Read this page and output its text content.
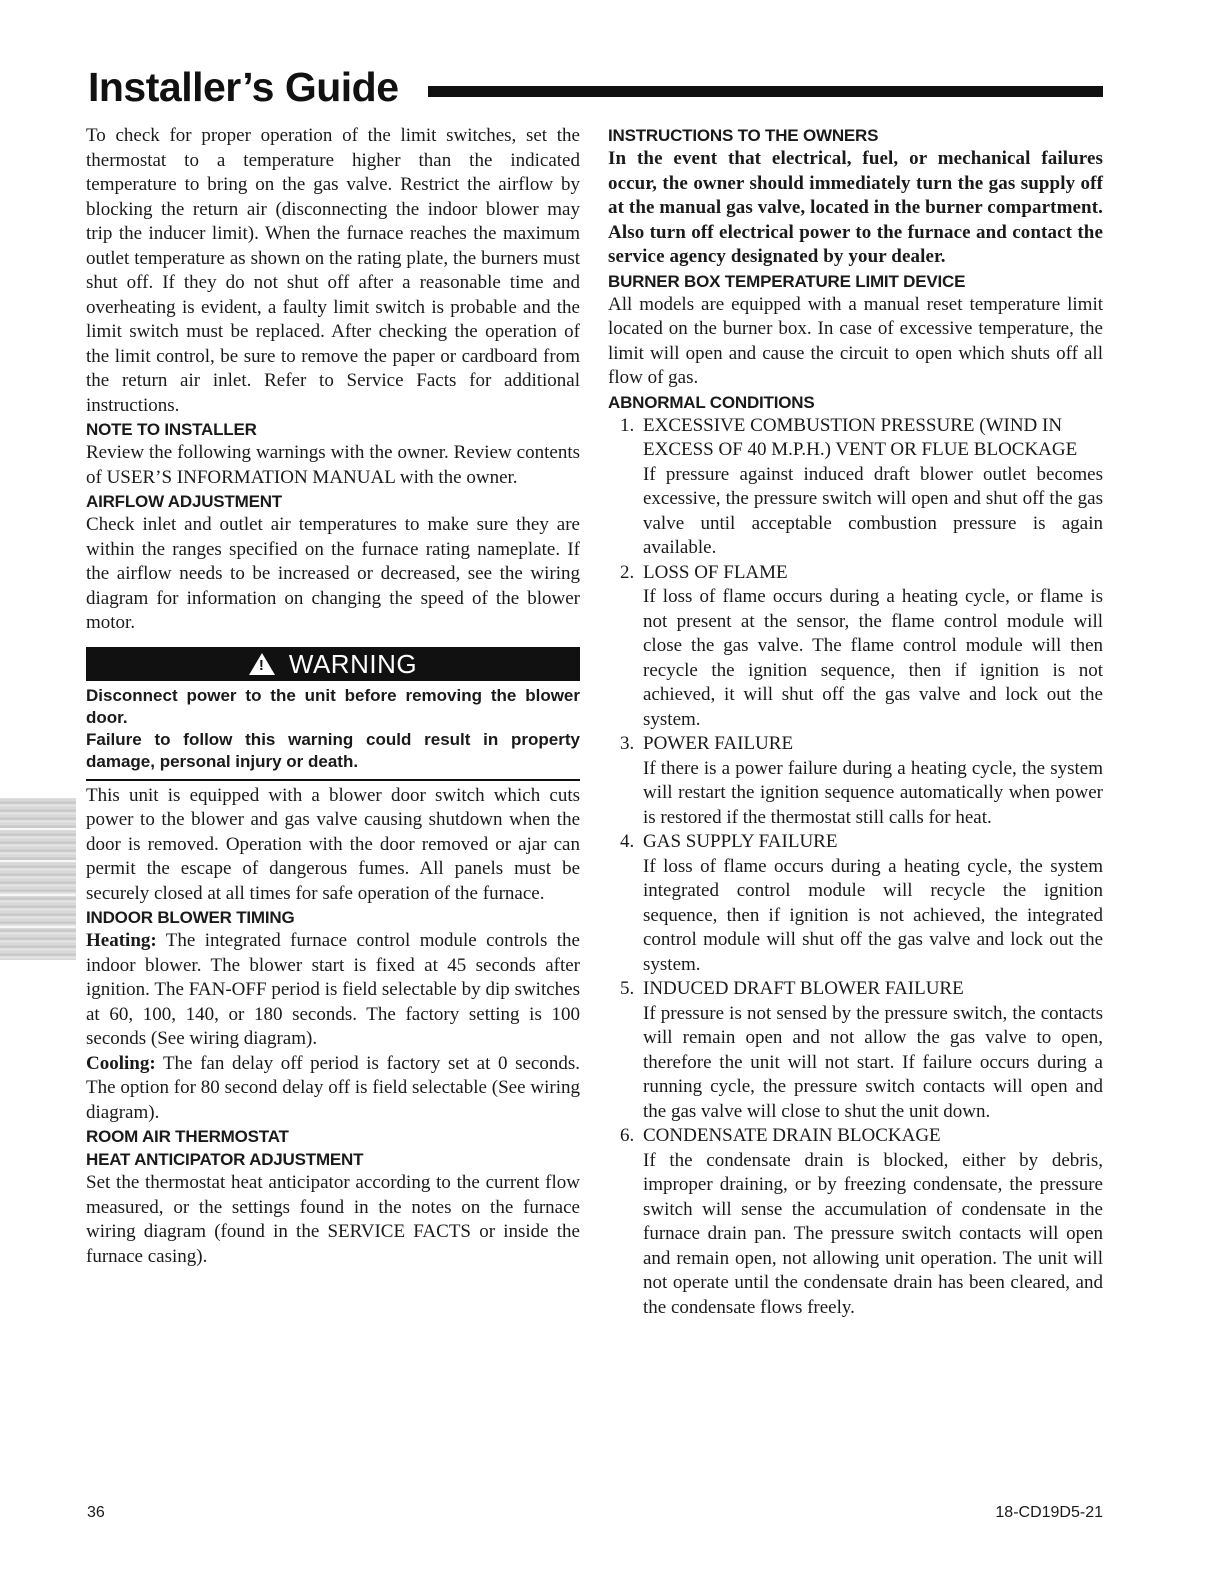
Installer’s Guide

To check for proper operation of the limit switches, set the thermostat to a temperature higher than the indicated temperature to bring on the gas valve. Restrict the airflow by blocking the return air (disconnecting the indoor blower may trip the inducer limit). When the furnace reaches the maximum outlet temperature as shown on the rating plate, the burners must shut off. If they do not shut off after a reasonable time and overheating is evident, a faulty limit switch is probable and the limit switch must be replaced. After checking the operation of the limit control, be sure to remove the paper or cardboard from the return air inlet. Refer to Service Facts for additional instructions.

NOTE TO INSTALLER

Review the following warnings with the owner. Review contents of USER’S INFORMATION MANUAL with the owner.

AIRFLOW ADJUSTMENT

Check inlet and outlet air temperatures to make sure they are within the ranges specified on the furnace rating nameplate. If the airflow needs to be increased or decreased, see the wiring diagram for information on changing the speed of the blower motor.

!WARNING
Disconnect power to the unit before removing the blower door.
Failure to follow this warning could result in property damage, personal injury or death.

This unit is equipped with a blower door switch which cuts power to the blower and gas valve causing shutdown when the door is removed. Operation with the door removed or ajar can permit the escape of dangerous fumes. All panels must be securely closed at all times for safe operation of the furnace.

INDOOR BLOWER TIMING

Heating: The integrated furnace control module controls the indoor blower. The blower start is fixed at 45 seconds after ignition. The FAN-OFF period is field selectable by dip switches at 60, 100, 140, or 180 seconds. The factory setting is 100 seconds (See wiring diagram).

Cooling: The fan delay off period is factory set at 0 seconds. The option for 80 second delay off is field selectable (See wiring diagram).

ROOM AIR THERMOSTAT
HEAT ANTICIPATOR ADJUSTMENT

Set the thermostat heat anticipator according to the current flow measured, or the settings found in the notes on the furnace wiring diagram (found in the SERVICE FACTS or inside the furnace casing).

INSTRUCTIONS TO THE OWNERS

In the event that electrical, fuel, or mechanical failures occur, the owner should immediately turn the gas supply off at the manual gas valve, located in the burner compartment. Also turn off electrical power to the furnace and contact the service agency designated by your dealer.

BURNER BOX TEMPERATURE LIMIT DEVICE

All models are equipped with a manual reset temperature limit located on the burner box. In case of excessive temperature, the limit will open and cause the circuit to open which shuts off all flow of gas.

ABNORMAL CONDITIONS
1. EXCESSIVE COMBUSTION PRESSURE (WIND IN EXCESS OF 40 M.P.H.) VENT OR FLUE BLOCKAGE
If pressure against induced draft blower outlet becomes excessive, the pressure switch will open and shut off the gas valve until acceptable combustion pressure is again available.
2. LOSS OF FLAME
If loss of flame occurs during a heating cycle, or flame is not present at the sensor, the flame control module will close the gas valve. The flame control module will then recycle the ignition sequence, then if ignition is not achieved, it will shut off the gas valve and lock out the system.
3. POWER FAILURE
If there is a power failure during a heating cycle, the system will restart the ignition sequence automatically when power is restored if the thermostat still calls for heat.
4. GAS SUPPLY FAILURE
If loss of flame occurs during a heating cycle, the system integrated control module will recycle the ignition sequence, then if ignition is not achieved, the integrated control module will shut off the gas valve and lock out the system.
5. INDUCED DRAFT BLOWER FAILURE
If pressure is not sensed by the pressure switch, the contacts will remain open and not allow the gas valve to open, therefore the unit will not start. If failure occurs during a running cycle, the pressure switch contacts will open and the gas valve will close to shut the unit down.
6. CONDENSATE DRAIN BLOCKAGE
If the condensate drain is blocked, either by debris, improper draining, or by freezing condensate, the pressure switch will sense the accumulation of condensate in the furnace drain pan. The pressure switch contacts will open and remain open, not allowing unit operation. The unit will not operate until the condensate drain has been cleared, and the condensate flows freely.
36	18-CD19D5-21
